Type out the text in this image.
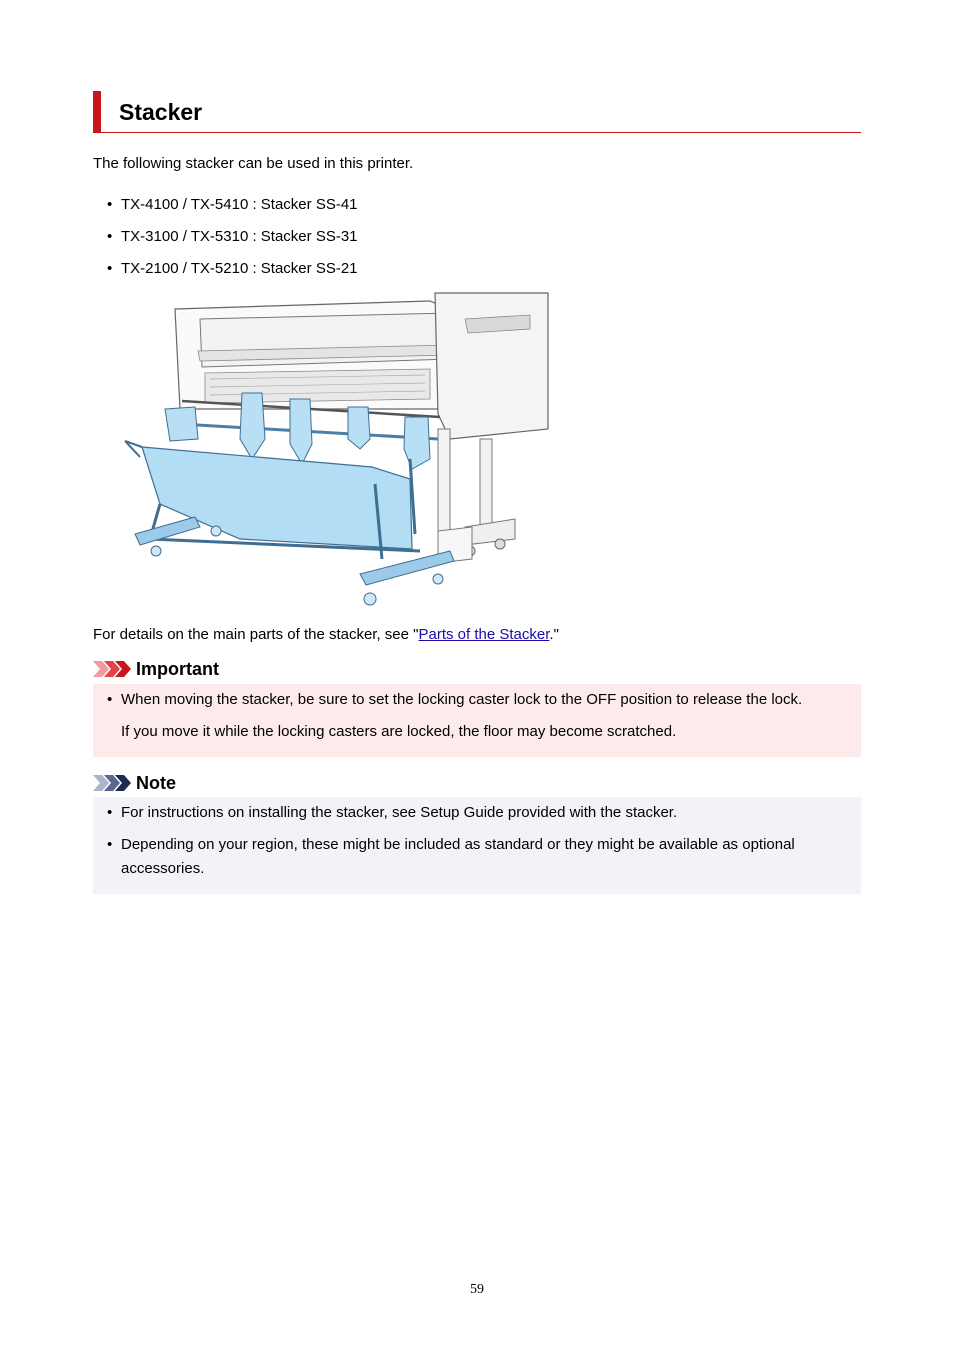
Stacker

The following stacker can be used in this printer.

• TX-4100 / TX-5410 : Stacker SS-41
• TX-3100 / TX-5310 : Stacker SS-31
• TX-2100 / TX-5210 : Stacker SS-21

For details on the main parts of the stacker, see "Parts of the Stacker."

Important
• When moving the stacker, be sure to set the locking caster lock to the OFF position to release the lock.
If you move it while the locking casters are locked, the floor may become scratched.
Note
• For instructions on installing the stacker, see Setup Guide provided with the stacker.
• Depending on your region, these might be included as standard or they might be available as optional accessories.
59
